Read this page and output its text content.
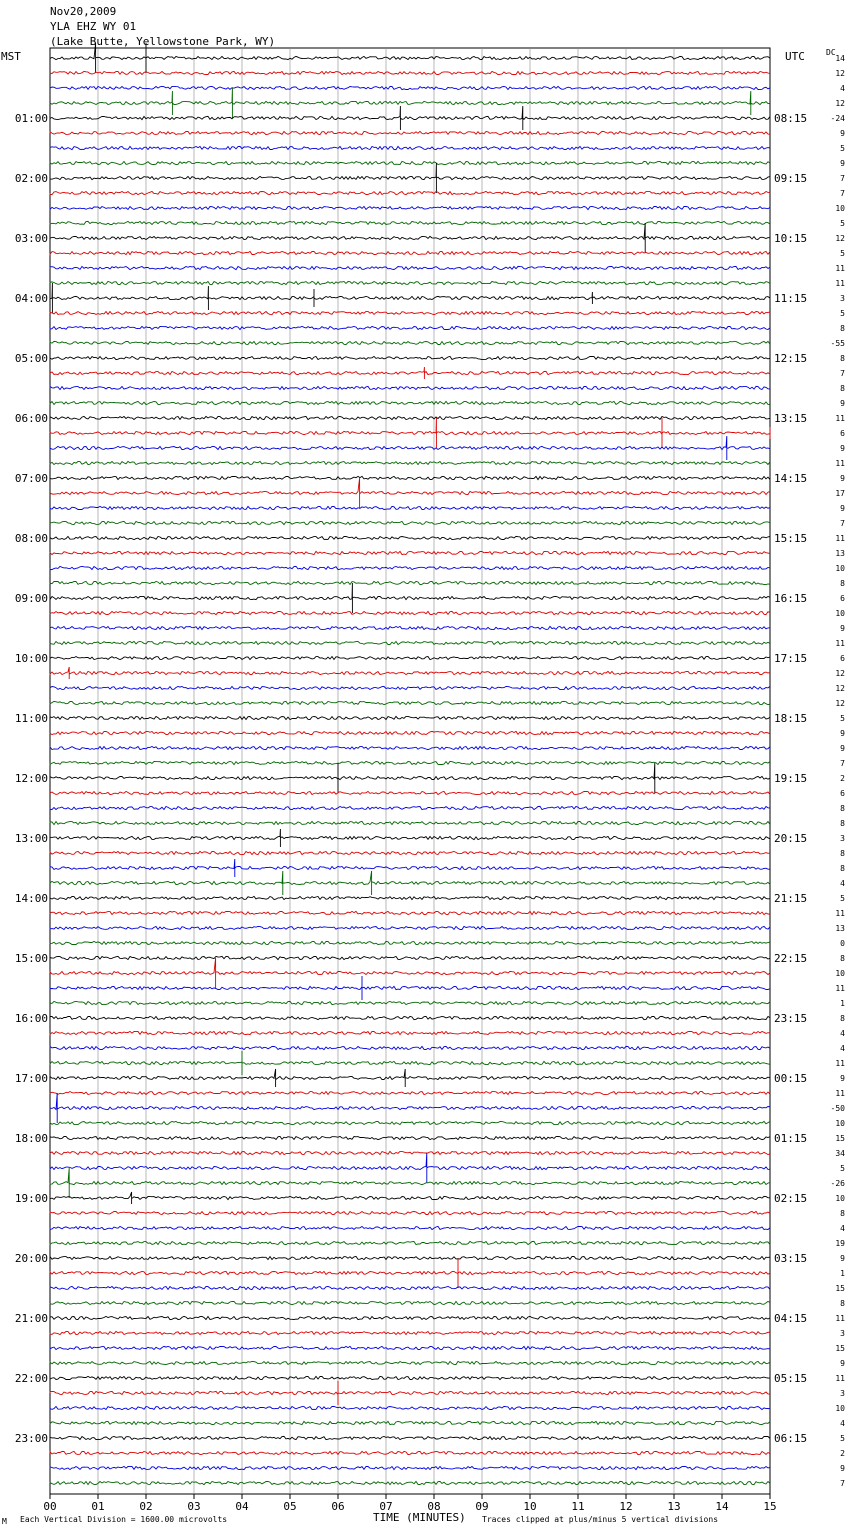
Nov20,2009
YLA EHZ WY 01
(Lake Butte, Yellowstone Park, WY)
MST	UTC	DC
00	01	02	03	04	05	06	07	08	09	10	11	12	13	14	15
14
12
4
12
-24
9
5
9
7
7
10
5
12
5
11
11
3
5
8
-55
8
7
8
9
11
6
9
11
9
17
9
7
11
13
10
8
6
10
9
11
6
12
12
12
5
9
9
7
2
6
8
8
3
8
8
4
5
11
13
0
8
10
11
1
8
4
4
11
9
11
-50
10
15
34
5
-26
10
8
4
19
9
1
15
8
11
3
15
9
11
3
10
4
5
2
9
7
01:00
02:00
03:00
04:00
05:00
06:00
07:00
08:00
09:00
10:00
11:00
12:00
13:00
14:00
15:00
16:00
17:00
18:00
19:00
20:00
21:00
22:00
23:00
08:15
09:15
10:15
11:15
12:15
13:15
14:15
15:15
16:15
17:15
18:15
19:15
20:15
21:15
22:15
23:15
00:15
01:15
02:15
03:15
04:15
05:15
06:15
TIME (MINUTES)
M Each Vertical Division = 1600.00 microvolts	Traces clipped at plus/minus 5 vertical divisions
